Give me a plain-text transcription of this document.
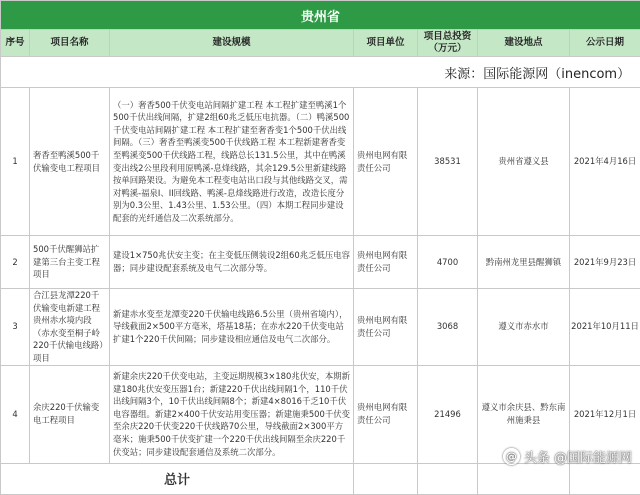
贵州省						
序号	项目名称	建设规模	项目单位	项目总投资（万元）	建设地点	公示日期
来源：国际能源网（inencom）						
1	奢香至鸭溪500千伏输变电工程项目	（一）奢香500千伏变电站间隔扩建工程 本工程扩建至鸭溪1个500千伏出线间隔，扩建2组60兆乏低压电抗器。（二）鸭溪500千伏变电站间隔扩建工程 本工程扩建至奢香变1个500千伏出线间隔。（三）奢香至鸭溪变500千伏线路工程 本工程新建奢香变至鸭溪变500千伏线路工程，线路总长131.5公里，其中在鸭溪变出线2公里段利用原鸭溪-息烽线路，其余129.5公里新建线路按单回路架设。为避免本工程变电站出口段与其他线路交叉，需对鸭溪-福泉I、II回线路、鸭溪-息烽线路进行改造，改造长度分别为0.3公里、1.43公里、1.53公里。（四）本期工程同步建设配套的光纤通信及二次系统部分。	贵州电网有限责任公司	38531	贵州省遵义县	2021年4月16日
2	500千伏醒狮站扩建第三台主变工程项目	建设1×750兆伏安主变；在主变低压侧装设2组60兆乏低压电容器；同步建设配套系统及电气二次部分等。	贵州电网有限责任公司	4700	黔南州龙里县醒狮镇	2021年9月23日
3	合江县龙潭220千伏输变电新建工程贵州赤水境内段（赤水变至桐子岭220千伏输电线路）项目	新建赤水变至龙潭变220千伏输电线路6.5公里（贵州省境内），导线截面2×500平方毫米，塔基18基；在赤水220千伏变电站扩建1个220千伏间隔；同步建设相应通信及电气二次部分。	贵州电网有限责任公司	3068	遵义市赤水市	2021年10月11日
4	余庆220千伏输变电工程项目	新建余庆220千伏变电站，主变远期规模3×180兆伏安，本期新建180兆伏安变压器1台；新建220千伏出线间隔1个，110千伏出线间隔3个，10千伏出线间隔8个；新建4×8016千乏10千伏电容器组。新建2×400千伏安站用变压器；新建施秉500千伏变至余庆220千伏变220千伏线路70公里，导线截面2×300平方毫米；施秉500千伏变扩建一个220千伏出线间隔至余庆220千伏变站；同步建设配套通信及系统二次部分。	贵州电网有限责任公司	21496	遵义市余庆县、黔东南州施秉县	2021年12月1日
总计						
@ 头条 @国际能源网
